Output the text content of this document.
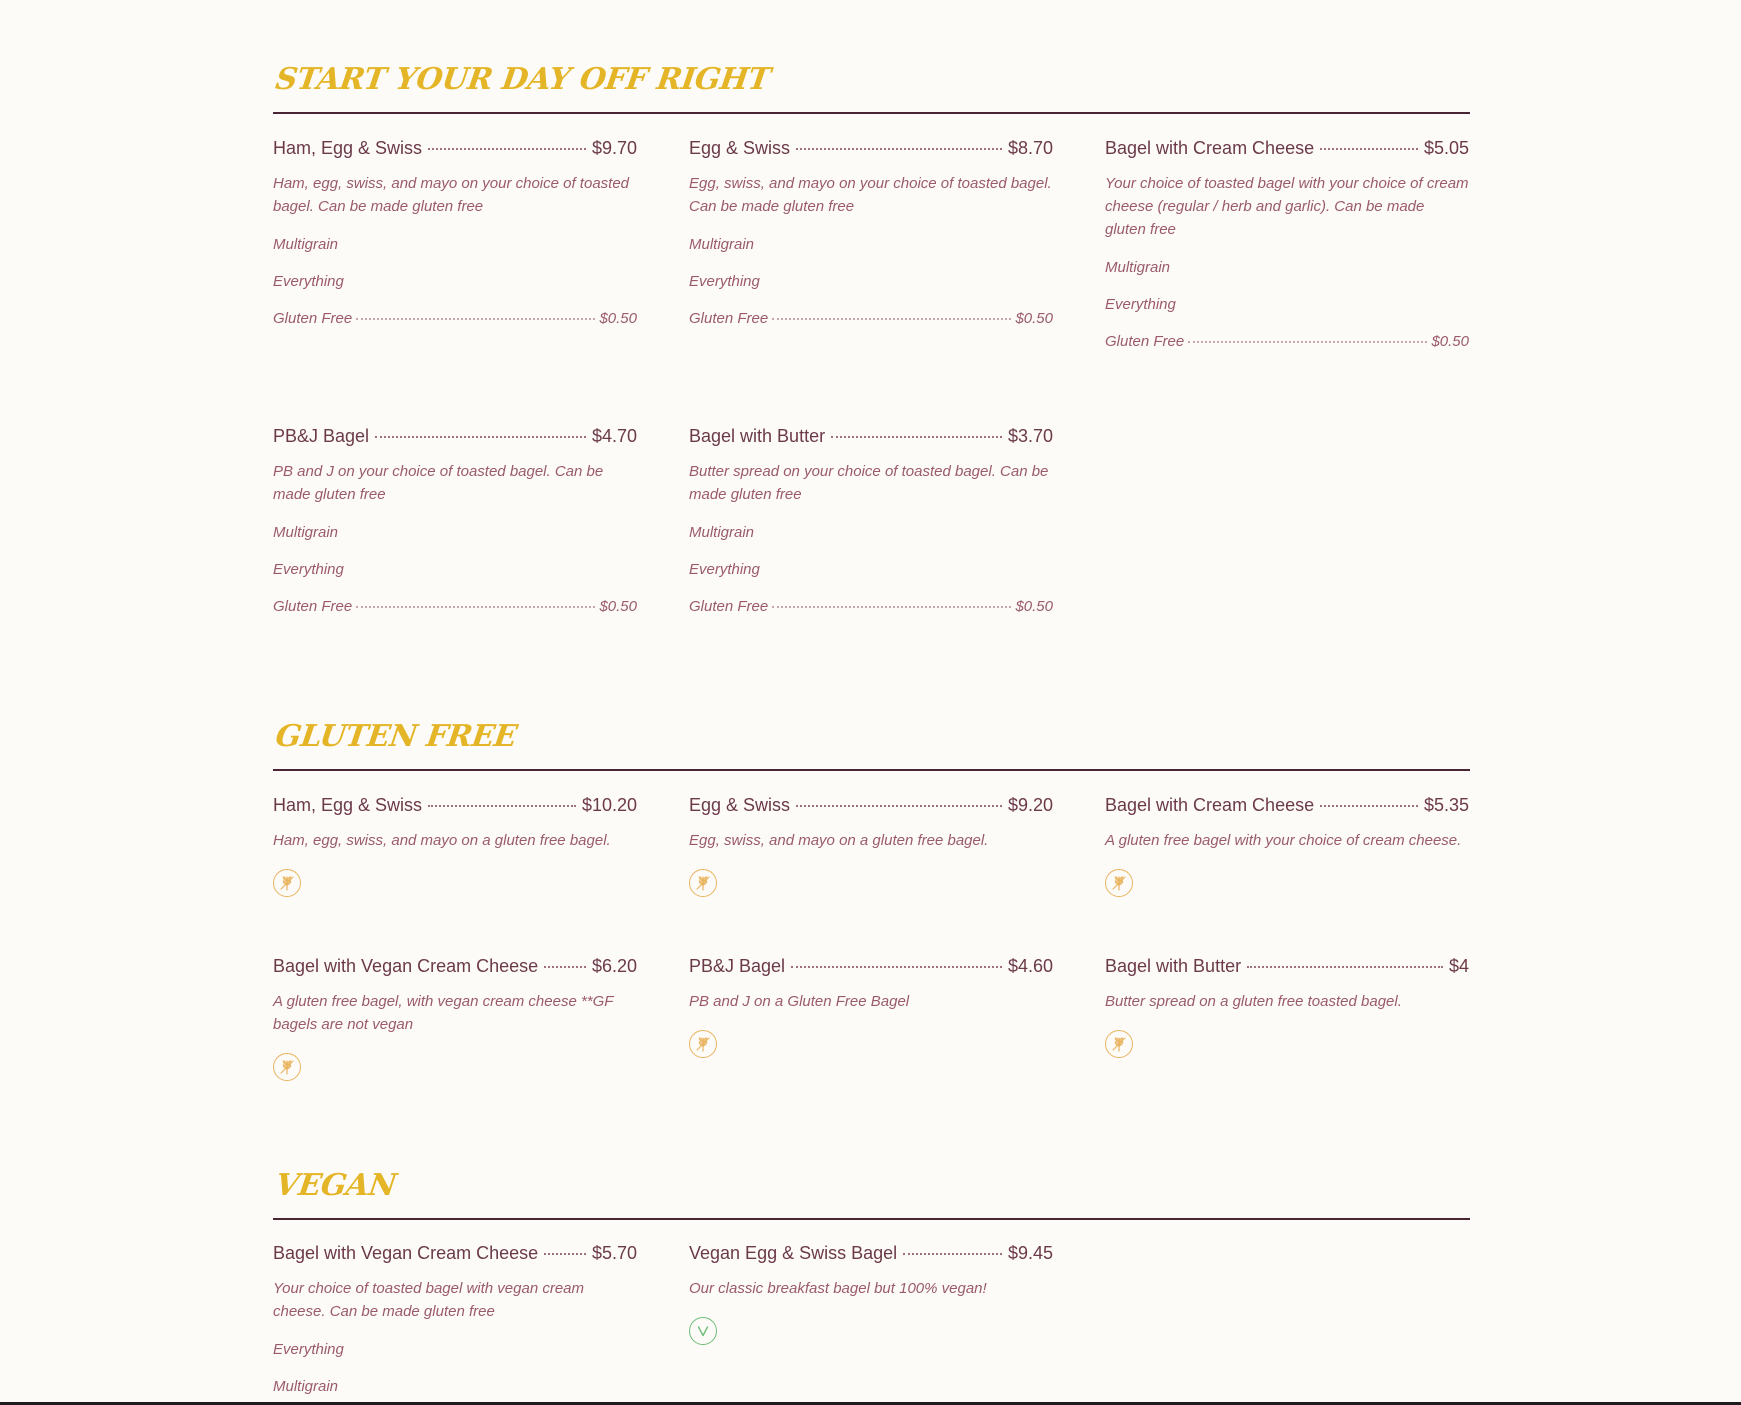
START YOUR DAY OFF RIGHT
Ham, Egg & Swiss	$9.70
Ham, egg, swiss, and mayo on your choice of toasted bagel. Can be made gluten free
Multigrain
Everything
Gluten Free	$0.50
Egg & Swiss	$8.70
Egg, swiss, and mayo on your choice of toasted bagel. Can be made gluten free
Multigrain
Everything
Gluten Free	$0.50
Bagel with Cream Cheese	$5.05
Your choice of toasted bagel with your choice of cream cheese (regular / herb and garlic). Can be made gluten free
Multigrain
Everything
Gluten Free	$0.50
PB&J Bagel	$4.70
PB and J on your choice of toasted bagel. Can be made gluten free
Multigrain
Everything
Gluten Free	$0.50
Bagel with Butter	$3.70
Butter spread on your choice of toasted bagel. Can be made gluten free
Multigrain
Everything
Gluten Free	$0.50
GLUTEN FREE
Ham, Egg & Swiss	$10.20
Ham, egg, swiss, and mayo on a gluten free bagel.
Egg & Swiss	$9.20
Egg, swiss, and mayo on a gluten free bagel.
Bagel with Cream Cheese	$5.35
A gluten free bagel with your choice of cream cheese.
Bagel with Vegan Cream Cheese	$6.20
A gluten free bagel, with vegan cream cheese **GF bagels are not vegan
PB&J Bagel	$4.60
PB and J on a Gluten Free Bagel
Bagel with Butter	$4
Butter spread on a gluten free toasted bagel.
VEGAN
Bagel with Vegan Cream Cheese	$5.70
Your choice of toasted bagel with vegan cream cheese. Can be made gluten free
Everything
Multigrain
Vegan Egg & Swiss Bagel	$9.45
Our classic breakfast bagel but 100% vegan!
